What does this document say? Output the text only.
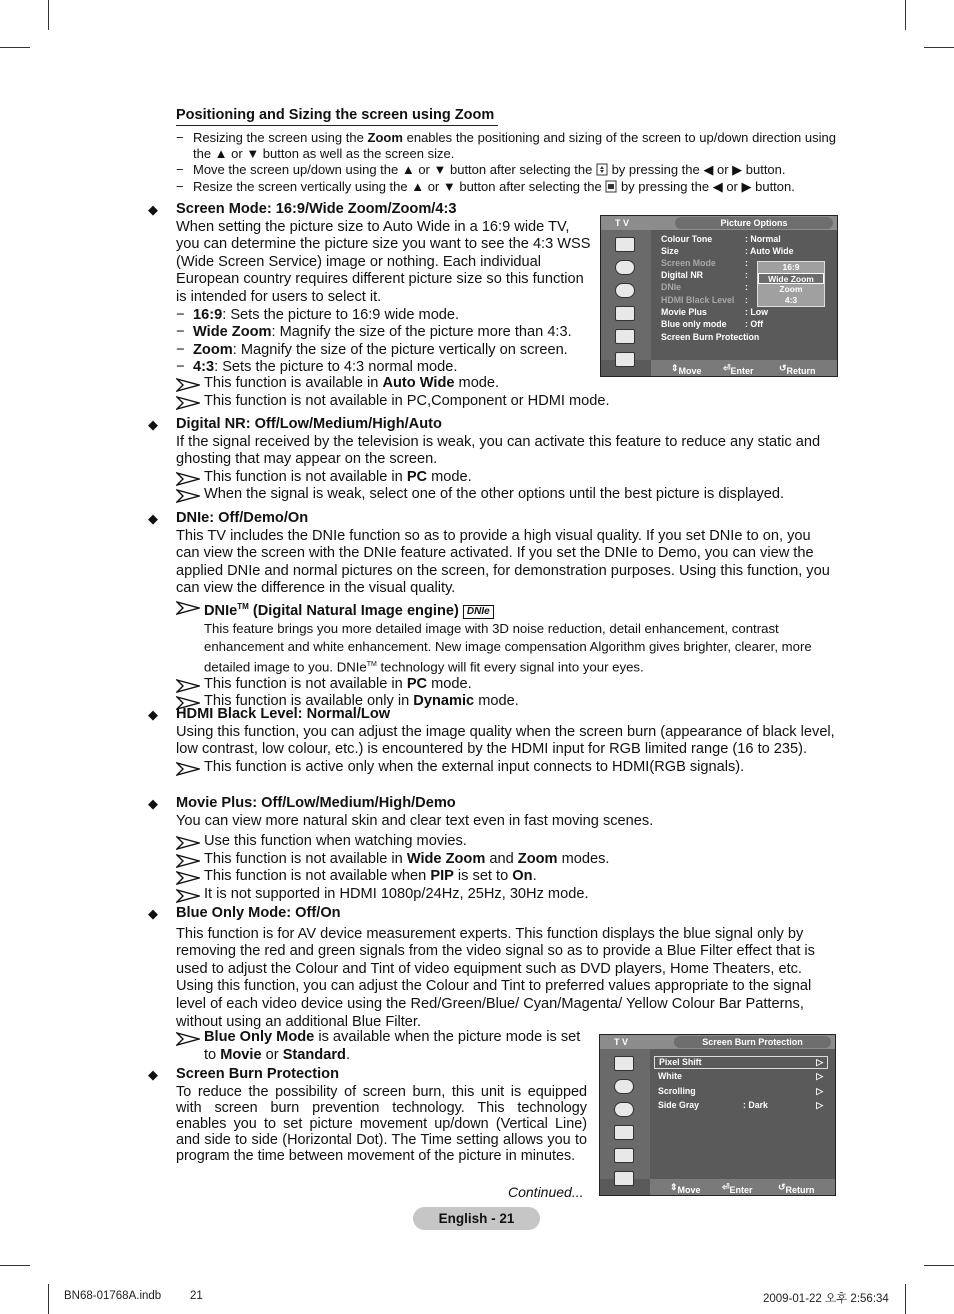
Positioning and Sizing the screen using Zoom
− Resizing the screen using the Zoom enables the positioning and sizing of the screen to up/down direction using the ▲ or ▼ button as well as the screen size.
− Move the screen up/down using the ▲ or ▼ button after selecting the  by pressing the ◀ or ▶ button.
− Resize the screen vertically using the ▲ or ▼ button after selecting the  by pressing the ◀ or ▶ button.
◆ Screen Mode: 16:9/Wide Zoom/Zoom/4:3
When setting the picture size to Auto Wide in a 16:9 wide TV, you can determine the picture size you want to see the 4:3 WSS (Wide Screen Service) image or nothing. Each individual European country requires different picture size so this function is intended for users to select it.
− 16:9: Sets the picture to 16:9 wide mode.
− Wide Zoom: Magnify the size of the picture more than 4:3.
− Zoom: Magnify the size of the picture vertically on screen.
− 4:3: Sets the picture to 4:3 normal mode.
This function is available in Auto Wide mode.
This function is not available in PC,Component or HDMI mode.
◆ Digital NR: Off/Low/Medium/High/Auto
If the signal received by the television is weak, you can activate this feature to reduce any static and ghosting that may appear on the screen.
This function is not available in PC mode.
When the signal is weak, select one of the other options until the best picture is displayed.
◆ DNIe: Off/Demo/On
This TV includes the DNIe function so as to provide a high visual quality. If you set DNIe to on, you can view the screen with the DNIe feature activated. If you set the DNIe to Demo, you can view the applied DNIe and normal pictures on the screen, for demonstration purposes. Using this function, you can view the difference in the visual quality.
DNIe™ (Digital Natural Image engine) DNIe
This feature brings you more detailed image with 3D noise reduction, detail enhancement, contrast enhancement and white enhancement. New image compensation Algorithm gives brighter, clearer, more detailed image to you. DNIe™ technology will fit every signal into your eyes.
This function is not available in PC mode.
This function is available only in Dynamic mode.
◆ HDMI Black Level: Normal/Low
Using this function, you can adjust the image quality when the screen burn (appearance of black level, low contrast, low colour, etc.) is encountered by the HDMI input for RGB limited range (16 to 235).
This function is active only when the external input connects to HDMI(RGB signals).
◆ Movie Plus: Off/Low/Medium/High/Demo
You can view more natural skin and clear text even in fast moving scenes.
Use this function when watching movies.
This function is not available in Wide Zoom and Zoom modes.
This function is not available when PIP is set to On.
It is not supported in HDMI 1080p/24Hz, 25Hz, 30Hz mode.
◆ Blue Only Mode: Off/On
This function is for AV device measurement experts. This function displays the blue signal only by removing the red and green signals from the video signal so as to provide a Blue Filter effect that is used to adjust the Colour and Tint of video equipment such as DVD players, Home Theaters, etc. Using this function, you can adjust the Colour and Tint to preferred values appropriate to the signal level of each video device using the Red/Green/Blue/ Cyan/Magenta/ Yellow Colour Bar Patterns, without using an additional Blue Filter.
Blue Only Mode is available when the picture mode is set to Movie or Standard.
◆ Screen Burn Protection
To reduce the possibility of screen burn, this unit is equipped with screen burn prevention technology. This technology enables you to set picture movement up/down (Vertical Line) and side to side (Horizontal Dot). The Time setting allows you to program the time between movement of the picture in minutes.
Continued...
T V	Picture Options
Colour Tone	: Normal
Size	: Auto Wide
Screen Mode	:
Digital NR	:
DNIe	:
HDMI Black Level :
Movie Plus	: Low
Blue only mode : Off
Screen Burn Protection
16:9
Wide Zoom
Zoom
4:3
⇕ Move ⏎ Enter	↺ Return
T V	Screen Burn Protection
Pixel Shift	▷
White	▷
Scrolling	▷
Side Gray	: Dark	▷
⇕ Move ⏎ Enter	↺ Return
English - 21
BN68-01768A.indb	21	2009-01-22 오후 2:56:34
